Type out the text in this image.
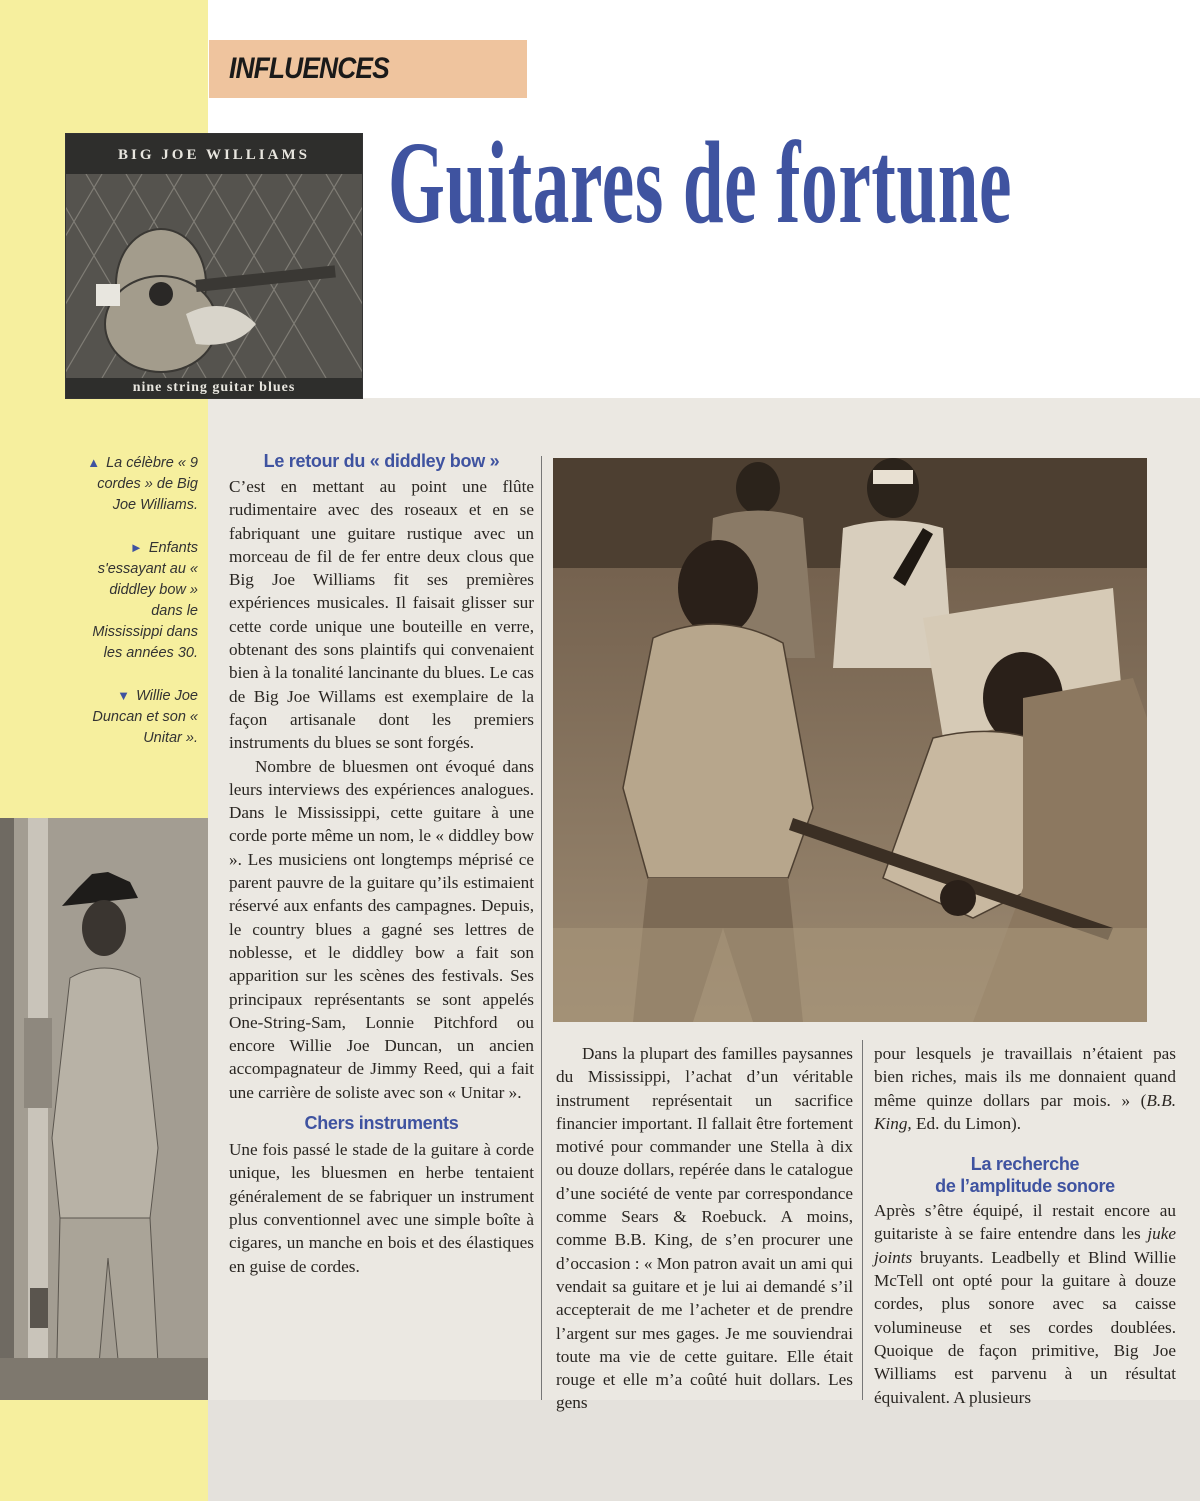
INFLUENCES
Guitares de fortune
BIG JOE WILLIAMS
nine string guitar blues

▲ La célèbre « 9 cordes » de Big Joe Williams.

► Enfants s'essayant au « diddley bow » dans le Mississippi dans les années 30.

▼ Willie Joe Duncan et son « Unitar ».

Le retour du « diddley bow »

C’est en mettant au point une flûte rudimentaire avec des roseaux et en se fabriquant une guitare rustique avec un morceau de fil de fer entre deux clous que Big Joe Williams fit ses premières expériences musicales. Il faisait glisser sur cette corde unique une bouteille en verre, obtenant des sons plaintifs qui convenaient bien à la tonalité lancinante du blues. Le cas de Big Joe Willams est exemplaire de la façon artisanale dont les premiers instruments du blues se sont forgés.

Nombre de bluesmen ont évoqué dans leurs interviews des expériences analogues. Dans le Mississippi, cette guitare à une corde porte même un nom, le « diddley bow ». Les musiciens ont longtemps méprisé ce parent pauvre de la guitare qu’ils estimaient réservé aux enfants des campagnes. Depuis, le country blues a gagné ses lettres de noblesse, et le diddley bow a fait son apparition sur les scènes des festivals. Ses principaux représentants se sont appelés One-String-Sam, Lonnie Pitchford ou encore Willie Joe Duncan, un ancien accompagnateur de Jimmy Reed, qui a fait une carrière de soliste avec son « Unitar ».

Chers instruments

Une fois passé le stade de la guitare à corde unique, les bluesmen en herbe tentaient généralement de se fabriquer un instrument plus conventionnel avec une simple boîte à cigares, un manche en bois et des élastiques en guise de cordes.

Dans la plupart des familles paysannes du Mississippi, l’achat d’un véritable instrument représentait un sacrifice financier important. Il fallait être fortement motivé pour commander une Stella à dix ou douze dollars, repérée dans le catalogue d’une société de vente par correspondance comme Sears & Roebuck. A moins, comme B.B. King, de s’en procurer une d’occasion : « Mon patron avait un ami qui vendait sa guitare et je lui ai demandé s’il accepterait de me l’acheter et de prendre l’argent sur mes gages. Je me souviendrai toute ma vie de cette guitare. Elle était rouge et elle m’a coûté huit dollars. Les gens

pour lesquels je travaillais n’étaient pas bien riches, mais ils me donnaient quand même quinze dollars par mois. » (B.B. King, Ed. du Limon).

La recherche
de l’amplitude sonore

Après s’être équipé, il restait encore au guitariste à se faire entendre dans les juke joints bruyants. Leadbelly et Blind Willie McTell ont opté pour la guitare à douze cordes, plus sonore avec sa caisse volumineuse et ses cordes doublées. Quoique de façon primitive, Big Joe Williams est parvenu à un résultat équivalent. A plusieurs
